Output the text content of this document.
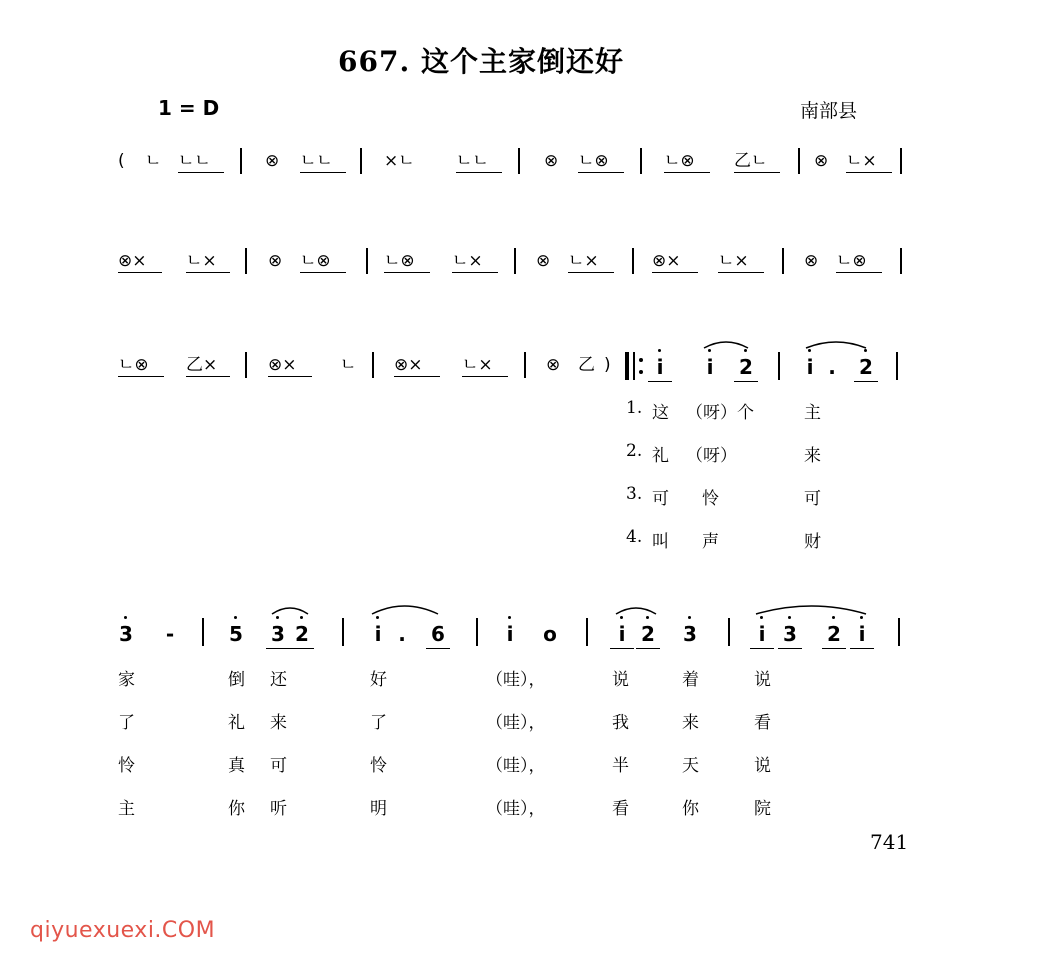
667. 这个主家倒还好
1 = D	南部县
( ㄴ ㄴㄴ	⊗ ㄴㄴ	×ㄴ ㄴㄴ	⊗ ㄴ⊗	ㄴ⊗	乙ㄴ	⊗ ㄴ×
⊗×	ㄴ×	⊗ ㄴ⊗	ㄴ⊗	ㄴ×	⊗ ㄴ×	⊗×	ㄴ×	⊗ ㄴ⊗
ㄴ⊗	乙×	⊗×	ㄴ ⊗×	ㄴ×	⊗ 乙 )	i	i	2	i .	2
1. 这 （呀）个	主
2. 礼 （呀）	来
3. 可 怜	可
4. 叫 声	财
3 -	5 3 2	i .	6	i	o	i 2 3	i 3 2 i
家	倒 还	好	（哇），	说	着	说
了	礼 来	了	（哇），	我	来	看
怜	真 可	怜	（哇），	半	天	说
主	你 听	明	（哇），	看	你	院
741
qiyuexuexi.COM
